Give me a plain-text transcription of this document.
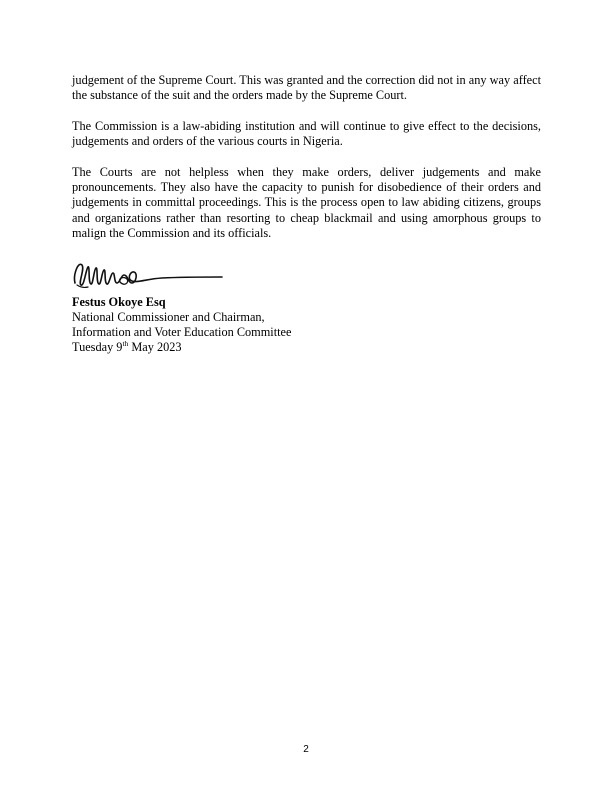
judgement of the Supreme Court. This was granted and the correction did not in any way affect the substance of the suit and the orders made by the Supreme Court.

The Commission is a law-abiding institution and will continue to give effect to the decisions, judgements and orders of the various courts in Nigeria.

The Courts are not helpless when they make orders, deliver judgements and make pronouncements. They also have the capacity to punish for disobedience of their orders and judgements in committal proceedings. This is the process open to law abiding citizens, groups and organizations rather than resorting to cheap blackmail and using amorphous groups to malign the Commission and its officials.

Festus Okoye Esq
National Commissioner and Chairman,
Information and Voter Education Committee
Tuesday 9th May 2023
2
